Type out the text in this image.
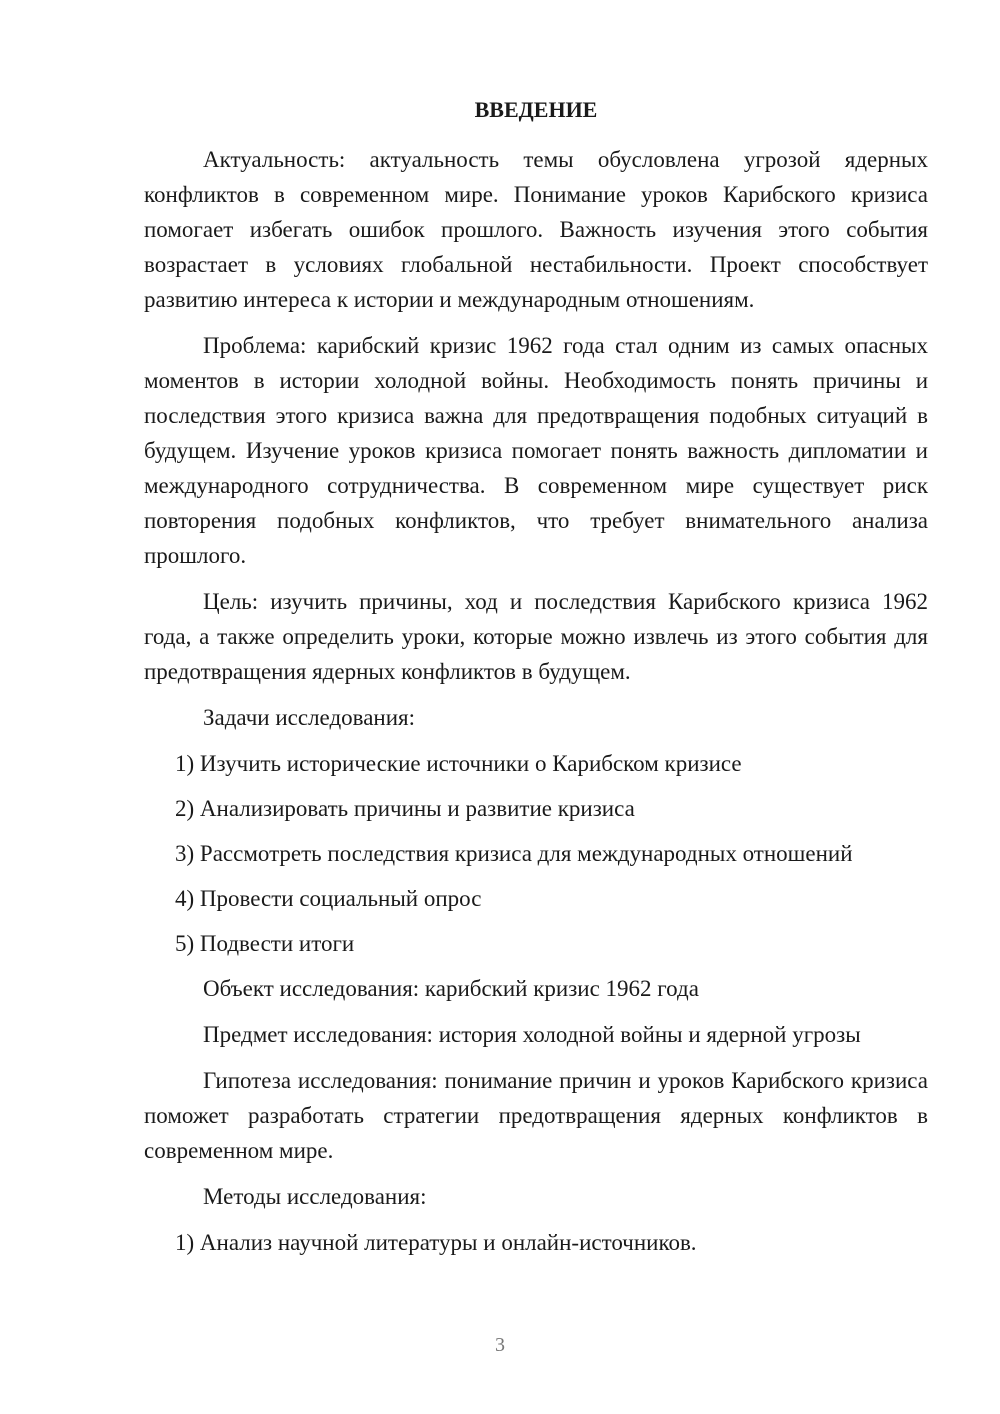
ВВЕДЕНИЕ

Актуальность: актуальность темы обусловлена угрозой ядерных конфликтов в современном мире. Понимание уроков Карибского кризиса помогает избегать ошибок прошлого. Важность изучения этого события возрастает в условиях глобальной нестабильности. Проект способствует развитию интереса к истории и международным отношениям.

Проблема: карибский кризис 1962 года стал одним из самых опасных моментов в истории холодной войны. Необходимость понять причины и последствия этого кризиса важна для предотвращения подобных ситуаций в будущем. Изучение уроков кризиса помогает понять важность дипломатии и международного сотрудничества. В современном мире существует риск повторения подобных конфликтов, что требует внимательного анализа прошлого.

Цель: изучить причины, ход и последствия Карибского кризиса 1962 года, а также определить уроки, которые можно извлечь из этого события для предотвращения ядерных конфликтов в будущем.

Задачи исследования:

1) Изучить исторические источники о Карибском кризисе

2) Анализировать причины и развитие кризиса

3) Рассмотреть последствия кризиса для международных отношений

4) Провести социальный опрос

5) Подвести итоги

Объект исследования: карибский кризис 1962 года

Предмет исследования: история холодной войны и ядерной угрозы

Гипотеза исследования: понимание причин и уроков Карибского кризиса поможет разработать стратегии предотвращения ядерных конфликтов в современном мире.

Методы исследования:

1) Анализ научной литературы и онлайн-источников.

3
